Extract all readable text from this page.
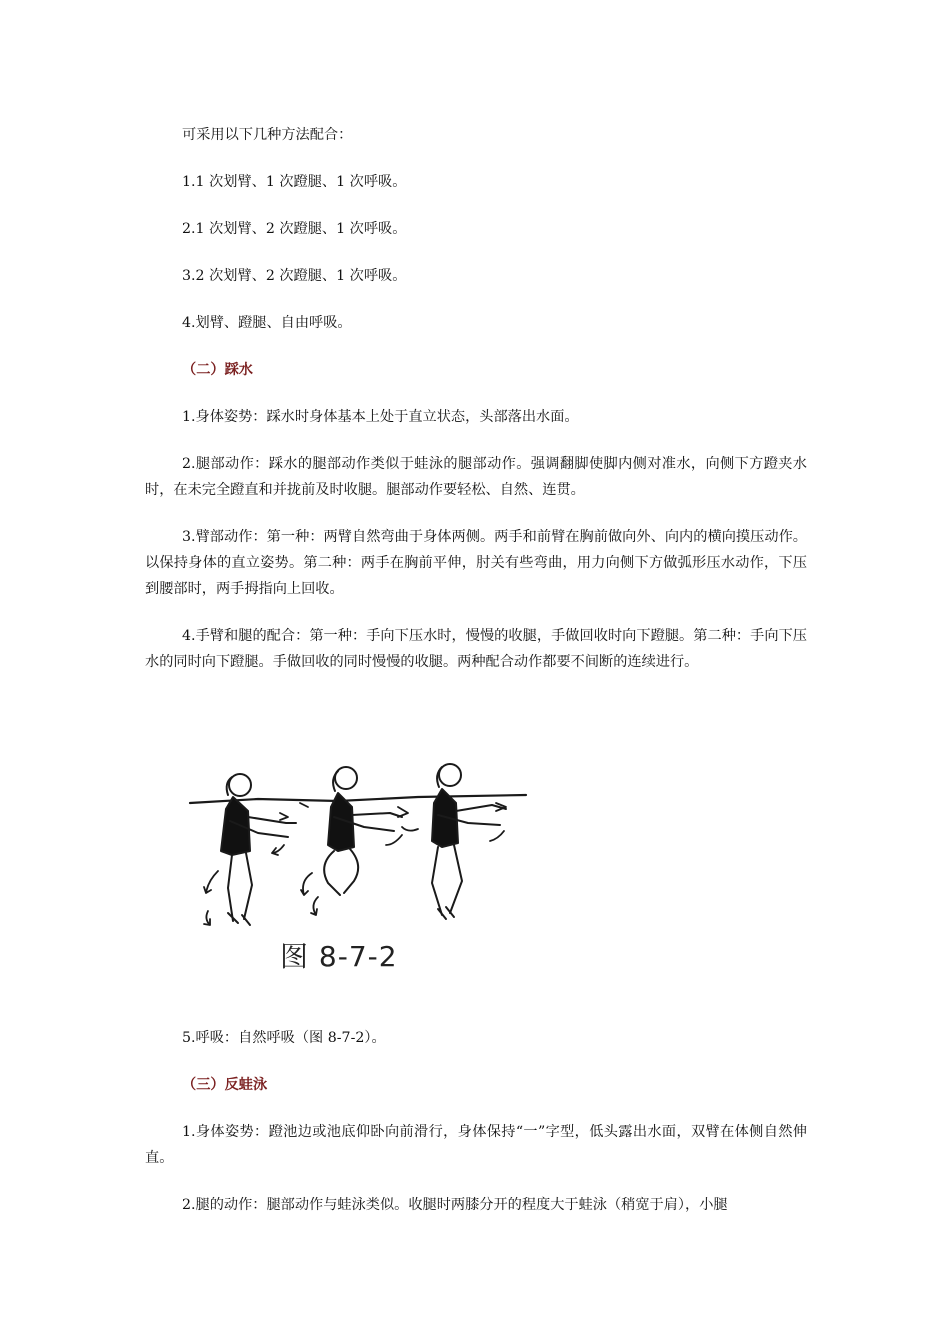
可采用以下几种方法配合：

1.1 次划臂、1 次蹬腿、1 次呼吸。

2.1 次划臂、2 次蹬腿、1 次呼吸。

3.2 次划臂、2 次蹬腿、1 次呼吸。

4.划臂、蹬腿、自由呼吸。

（二）踩水

1.身体姿势：踩水时身体基本上处于直立状态，头部落出水面。

2.腿部动作：踩水的腿部动作类似于蛙泳的腿部动作。强调翻脚使脚内侧对准水，向侧下方蹬夹水时，在未完全蹬直和并拢前及时收腿。腿部动作要轻松、自然、连贯。

3.臂部动作：第一种：两臂自然弯曲于身体两侧。两手和前臂在胸前做向外、向内的横向摸压动作。以保持身体的直立姿势。第二种：两手在胸前平伸，肘关有些弯曲，用力向侧下方做弧形压水动作，下压到腰部时，两手拇指向上回收。

4.手臂和腿的配合：第一种：手向下压水时，慢慢的收腿，手做回收时向下蹬腿。第二种：手向下压水的同时向下蹬腿。手做回收的同时慢慢的收腿。两种配合动作都要不间断的连续进行。

图 8-7-2

5.呼吸：自然呼吸（图 8-7-2）。

（三）反蛙泳

1.身体姿势：蹬池边或池底仰卧向前滑行，身体保持“一”字型，低头露出水面，双臂在体侧自然伸直。

2.腿的动作：腿部动作与蛙泳类似。收腿时两膝分开的程度大于蛙泳（稍宽于肩），小腿
